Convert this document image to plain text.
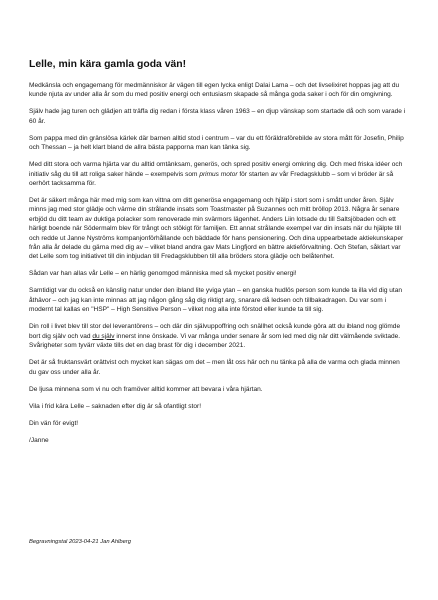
Lelle, min kära gamla goda vän!

Medkänsla och engagemang för medmänniskor är vägen till egen lycka enligt Dalai Lama – och det livselixiret hoppas jag att du kunde njuta av under alla år som du med positiv energi och entusiasm skapade så många goda saker i och för din omgivning.

Själv hade jag turen och glädjen att träffa dig redan i första klass våren 1963 – en djup vänskap som startade då och som varade i 60 år.

Som pappa med din gränslösa kärlek där barnen alltid stod i centrum – var du ett föräldraförebilde av stora mått för Josefin, Philip och Thessan – ja helt klart bland de allra bästa papporna man kan tänka sig.

Med ditt stora och varma hjärta var du alltid omtänksam, generös, och spred positiv energi omkring dig. Och med friska idéer och initiativ såg du till att roliga saker hände – exempelvis som primus motor för starten av vår Fredagsklubb – som vi bröder är så oerhört tacksamma för.

Det är säkert många här med mig som kan vittna om ditt generösa engagemang och hjälp i stort som i smått under åren. Själv minns jag med stor glädje och värme din strålande insats som Toastmaster på Suzannes och mitt bröllop 2013. Några år senare erbjöd du ditt team av duktiga polacker som renoverade min svärmors lägenhet. Anders Liin lotsade du till Saltsjöbaden och ett härligt boende när Södermalm blev för trångt och stökigt för familjen. Ett annat strålande exempel var din insats när du hjälpte till och redde ut Janne Nyströms kompanjonförhållande och bäddade för hans pensionering. Och dina uppearbetade aktiekunskaper från alla år delade du gärna med dig av – vilket bland andra gav Mats Lingfjord en bättre aktieförvaltning. Och Stefan, såklart var det Lelle som tog initiativet till din inbjudan till Fredagsklubben till alla bröders stora glädje och belåtenhet.

Sådan var han allas vår Lelle – en härlig genomgod människa med så mycket positiv energi!

Samtidigt var du också en känslig natur under den ibland lite yviga ytan – en ganska hudlös person som kunde ta illa vid dig utan åthävor – och jag kan inte minnas att jag någon gång såg dig riktigt arg, snarare då ledsen och tillbakadragen. Du var som i modernt tal kallas en "HSP" – High Sensitive Person – vilket nog alla inte förstod eller kunde ta till sig.

Din roll i livet blev till stor del leverantörens – och där din självuppoffring och snällhet också kunde göra att du ibland nog glömde bort dig själv och vad du själv innerst inne önskade. Vi var många under senare år som led med dig när ditt välmående sviktade. Svårigheter som tyvärr växte tills det en dag brast för dig i december 2021.

Det är så fruktansvärt orättvist och mycket kan sägas om det – men låt oss här och nu tänka på alla de varma och glada minnen du gav oss under alla år.

De ljusa minnena som vi nu och framöver alltid kommer att bevara i våra hjärtan.

Vila i frid kära Lelle – saknaden efter dig är så ofantligt stor!

Din vän för evigt!

/Janne

Begravningstal 2023-04-21 Jan Ahlberg
